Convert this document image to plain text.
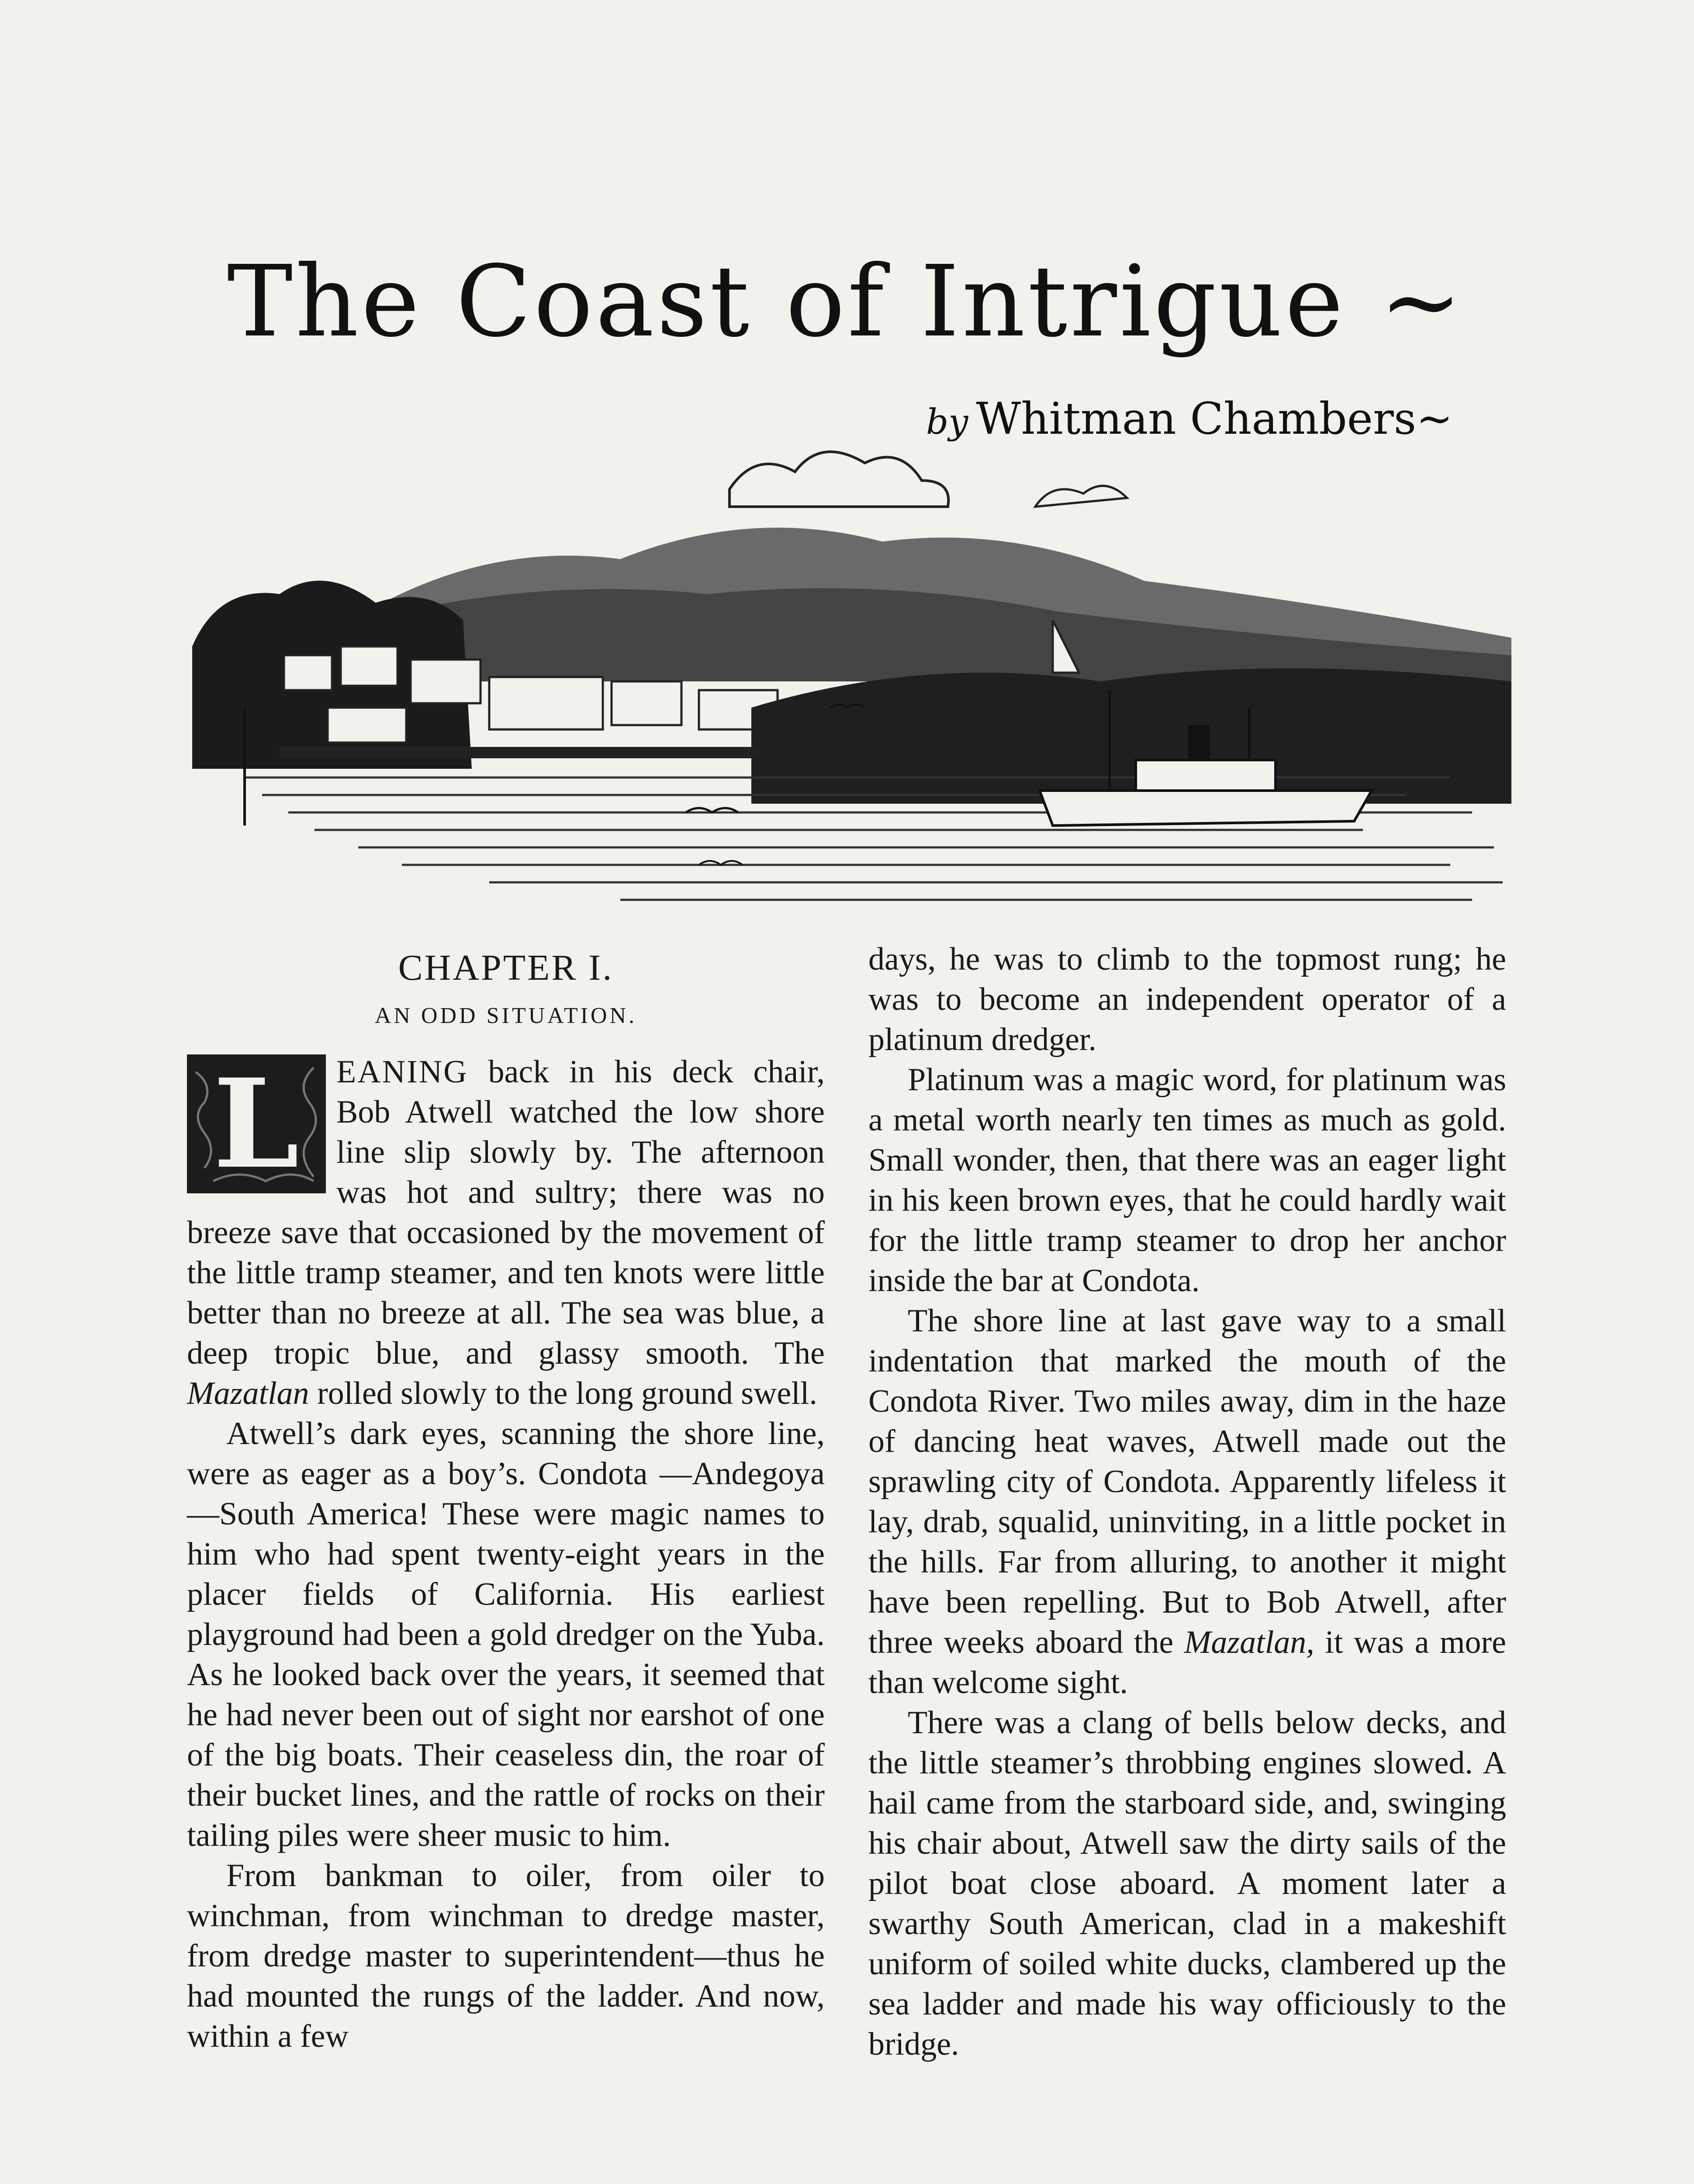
The Coast of Intrigue ~
by Whitman Chambers~
CHAPTER I.
AN ODD SITUATION.

L EANING back in his deck chair, Bob Atwell watched the low shore line slip slowly by. The afternoon was hot and sultry; there was no breeze save that occasioned by the movement of the little tramp steamer, and ten knots were little better than no breeze at all. The sea was blue, a deep tropic blue, and glassy smooth. The Mazatlan rolled slowly to the long ground swell.

Atwell’s dark eyes, scanning the shore line, were as eager as a boy’s. Condota —Andegoya—South America! These were magic names to him who had spent twenty-eight years in the placer fields of California. His earliest playground had been a gold dredger on the Yuba. As he looked back over the years, it seemed that he had never been out of sight nor earshot of one of the big boats. Their ceaseless din, the roar of their bucket lines, and the rattle of rocks on their tailing piles were sheer music to him.

From bankman to oiler, from oiler to winchman, from winchman to dredge master, from dredge master to superintendent—thus he had mounted the rungs of the ladder. And now, within a few

days, he was to climb to the topmost rung; he was to become an independent operator of a platinum dredger.

Platinum was a magic word, for platinum was a metal worth nearly ten times as much as gold. Small wonder, then, that there was an eager light in his keen brown eyes, that he could hardly wait for the little tramp steamer to drop her anchor inside the bar at Condota.

The shore line at last gave way to a small indentation that marked the mouth of the Condota River. Two miles away, dim in the haze of dancing heat waves, Atwell made out the sprawling city of Condota. Apparently lifeless it lay, drab, squalid, uninviting, in a little pocket in the hills. Far from alluring, to another it might have been repelling. But to Bob Atwell, after three weeks aboard the Mazatlan, it was a more than welcome sight.

There was a clang of bells below decks, and the little steamer’s throbbing engines slowed. A hail came from the starboard side, and, swinging his chair about, Atwell saw the dirty sails of the pilot boat close aboard. A moment later a swarthy South American, clad in a makeshift uniform of soiled white ducks, clambered up the sea ladder and made his way officiously to the bridge.
